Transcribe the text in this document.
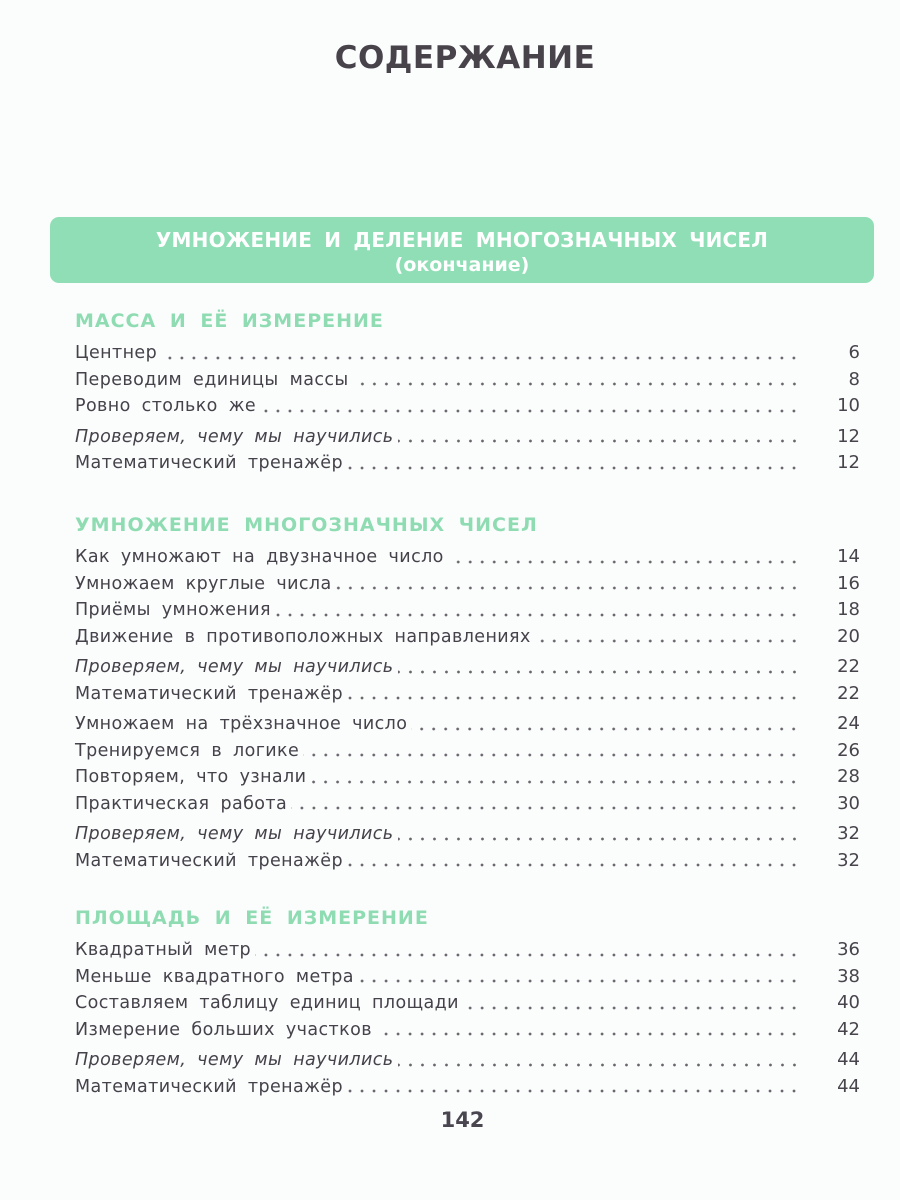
СОДЕРЖАНИЕ
УМНОЖЕНИЕ И ДЕЛЕНИЕ МНОГОЗНАЧНЫХ ЧИСЕЛ
(окончание)
МАССА И ЕЁ ИЗМЕРЕНИЕ
Центнер	6
Переводим единицы массы	8
Ровно столько же	10
Проверяем, чему мы научились	12
Математический тренажёр	12
УМНОЖЕНИЕ МНОГОЗНАЧНЫХ ЧИСЕЛ
Как умножают на двузначное число	14
Умножаем круглые числа	16
Приёмы умножения	18
Движение в противоположных направлениях	20
Проверяем, чему мы научились	22
Математический тренажёр	22
Умножаем на трёхзначное число	24
Тренируемся в логике	26
Повторяем, что узнали	28
Практическая работа	30
Проверяем, чему мы научились	32
Математический тренажёр	32
ПЛОЩАДЬ И ЕЁ ИЗМЕРЕНИЕ
Квадратный метр	36
Меньше квадратного метра	38
Составляем таблицу единиц площади	40
Измерение больших участков	42
Проверяем, чему мы научились	44
Математический тренажёр	44
142
